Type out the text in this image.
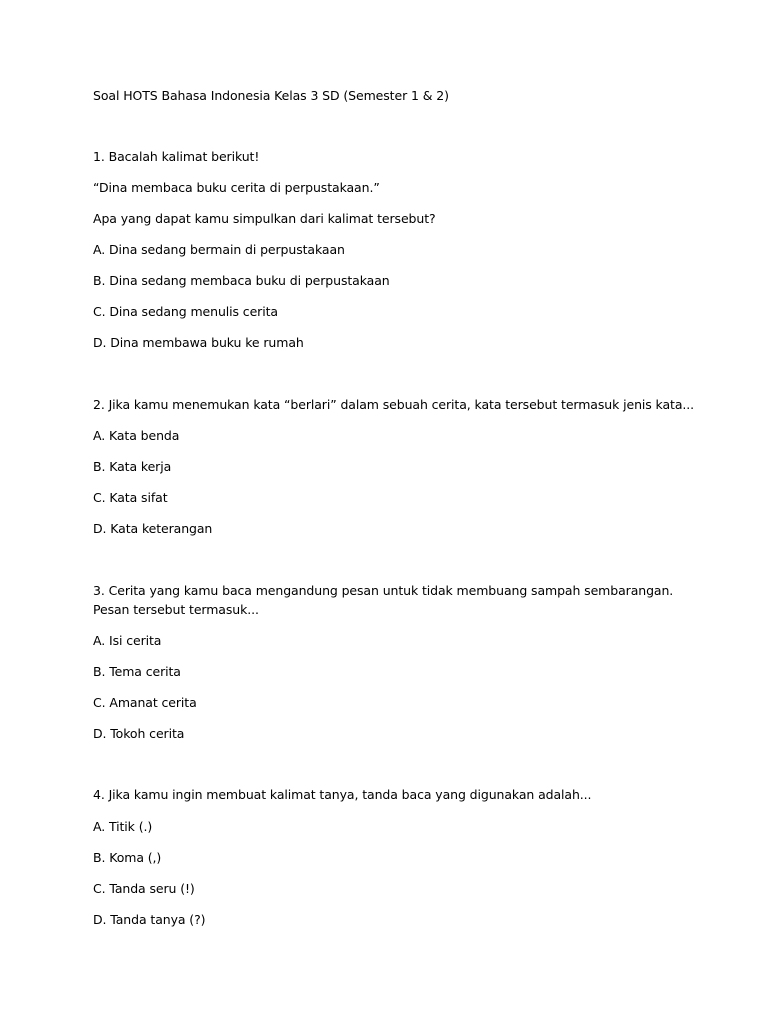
Soal HOTS Bahasa Indonesia Kelas 3 SD (Semester 1 & 2)
1. Bacalah kalimat berikut!
“Dina membaca buku cerita di perpustakaan.”
Apa yang dapat kamu simpulkan dari kalimat tersebut?
A. Dina sedang bermain di perpustakaan
B. Dina sedang membaca buku di perpustakaan
C. Dina sedang menulis cerita
D. Dina membawa buku ke rumah
2. Jika kamu menemukan kata “berlari” dalam sebuah cerita, kata tersebut termasuk jenis kata...
A. Kata benda
B. Kata kerja
C. Kata sifat
D. Kata keterangan
3. Cerita yang kamu baca mengandung pesan untuk tidak membuang sampah sembarangan. Pesan tersebut termasuk...
A. Isi cerita
B. Tema cerita
C. Amanat cerita
D. Tokoh cerita
4. Jika kamu ingin membuat kalimat tanya, tanda baca yang digunakan adalah...
A. Titik (.)
B. Koma (,)
C. Tanda seru (!)
D. Tanda tanya (?)
